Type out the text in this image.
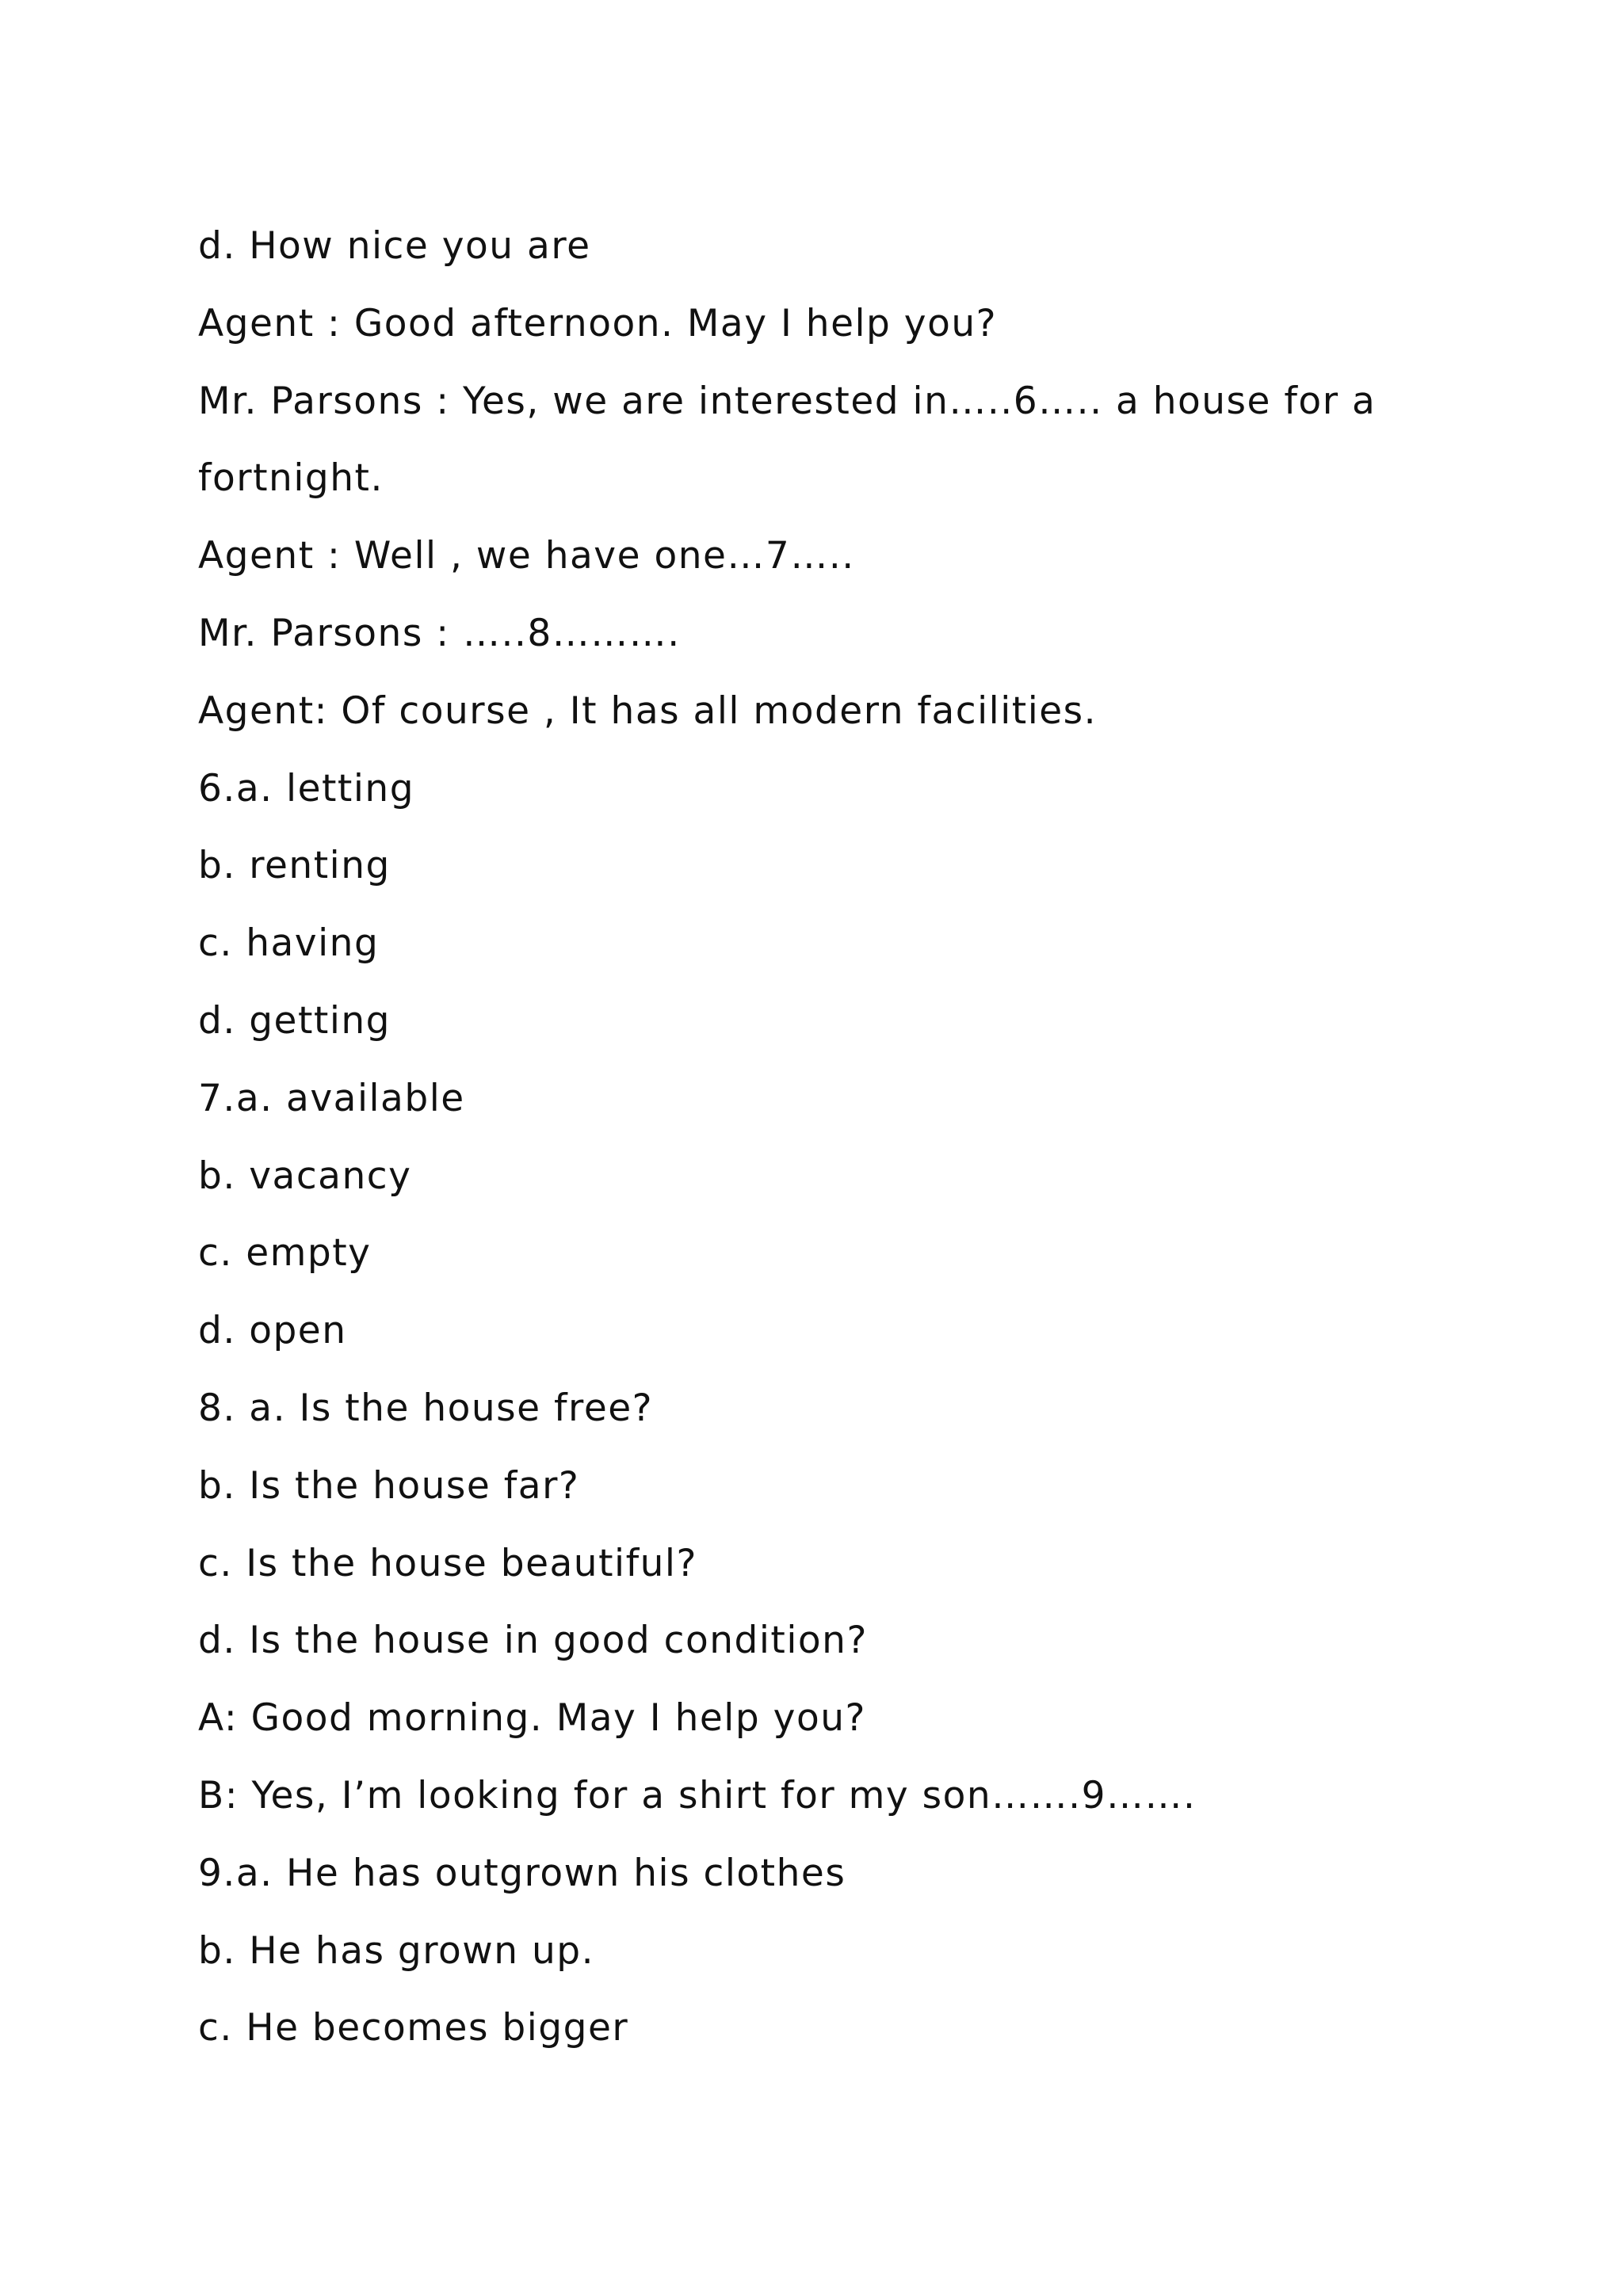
d. How nice you are

Agent : Good afternoon. May I help you?

Mr. Parsons : Yes, we are interested in…..6….. a house for a

fortnight.

Agent : Well , we have one…7…..

Mr. Parsons : …..8……….

Agent: Of course , It has all modern facilities.

6.a. letting

b. renting

c. having

d. getting

7.a. available

b. vacancy

c. empty

d. open

8. a. Is the house free?

b. Is the house far?

c. Is the house beautiful?

d. Is the house in good condition?

A: Good morning. May I help you?

B: Yes, I’m looking for a shirt for my son…….9…….

9.a. He has outgrown his clothes

b. He has grown up.

c. He becomes bigger
